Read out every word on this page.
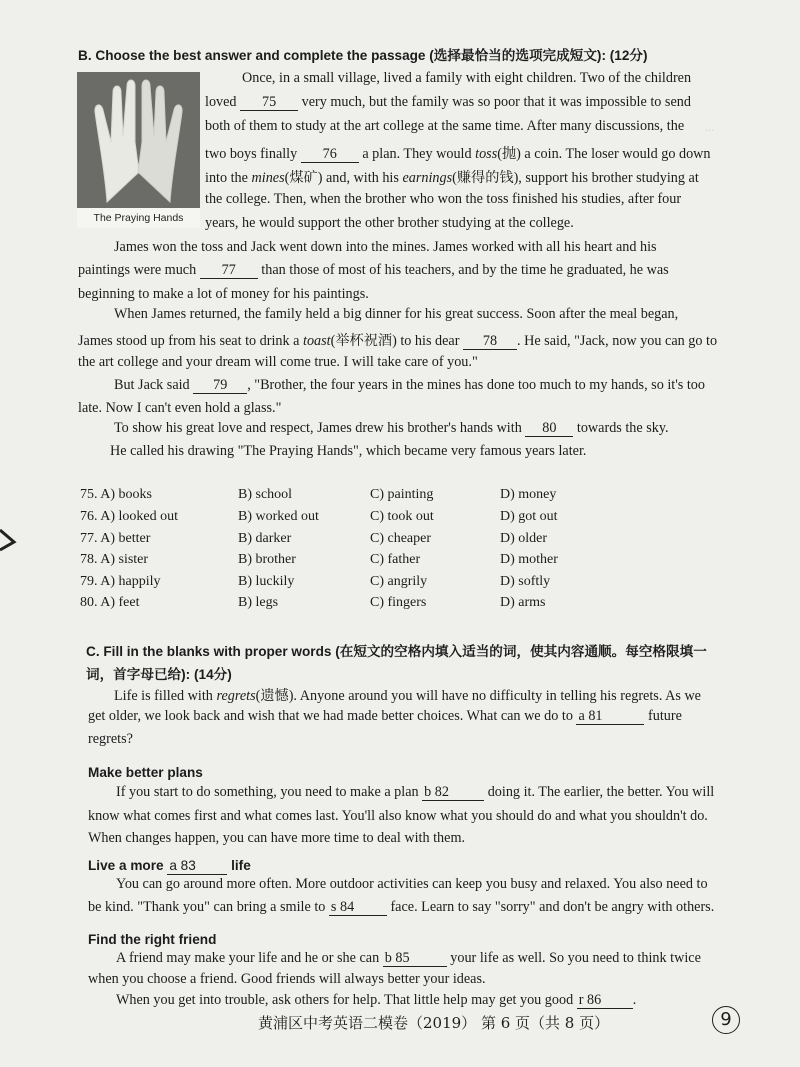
...
B. Choose the best answer and complete the passage (选择最恰当的选项完成短文): (12分)
The Praying Hands
Once, in a small village, lived a family with eight children. Two of the children
loved 75 very much, but the family was so poor that it was impossible to send
both of them to study at the art college at the same time. After many discussions, the
two boys finally 76 a plan. They would toss(抛) a coin. The loser would go down
into the mines(煤矿) and, with his earnings(赚得的钱), support his brother studying at
the college. Then, when the brother who won the toss finished his studies, after four
years, he would support the other brother studying at the college.
James won the toss and Jack went down into the mines. James worked with all his heart and his
paintings were much 77 than those of most of his teachers, and by the time he graduated, he was
beginning to make a lot of money for his paintings.
When James returned, the family held a big dinner for his great success. Soon after the meal began,
James stood up from his seat to drink a toast(举杯祝酒) to his dear 78 . He said, "Jack, now you can go to
the art college and your dream will come true. I will take care of you."
But Jack said 79 , "Brother, the four years in the mines has done too much to my hands, so it's too
late. Now I can't even hold a glass."
To show his great love and respect, James drew his brother's hands with 80 towards the sky.
He called his drawing "The Praying Hands", which became very famous years later.
75. A) books	B) school	C) painting	D) money
76. A) looked out	B) worked out	C) took out	D) got out
77. A) better	B) darker	C) cheaper	D) older
78. A) sister	B) brother	C) father	D) mother
79. A) happily	B) luckily	C) angrily	D) softly
80. A) feet	B) legs	C) fingers	D) arms
C. Fill in the blanks with proper words (在短文的空格内填入适当的词，使其内容通顺。每空格限填一
词，首字母已给): (14分)
Life is filled with regrets(遗憾). Anyone around you will have no difficulty in telling his regrets. As we
get older, we look back and wish that we had made better choices. What can we do to a 81	future
regrets?
Make better plans
If you start to do something, you need to make a plan b 82	doing it. The earlier, the better. You will
know what comes first and what comes last. You'll also know what you should do and what you shouldn't do.
When changes happen, you can have more time to deal with them.
Live a more a 83	life
You can go around more often. More outdoor activities can keep you busy and relaxed. You also need to
be kind. "Thank you" can bring a smile to s 84	face. Learn to say "sorry" and don't be angry with others.
Find the right friend
A friend may make your life and he or she can b 85	your life as well. So you need to think twice
when you choose a friend. Good friends will always better your ideas.
When you get into trouble, ask others for help. That little help may get you good r 86 .
黄浦区中考英语二模卷（2019） 第 6 页（共 8 页）	9
